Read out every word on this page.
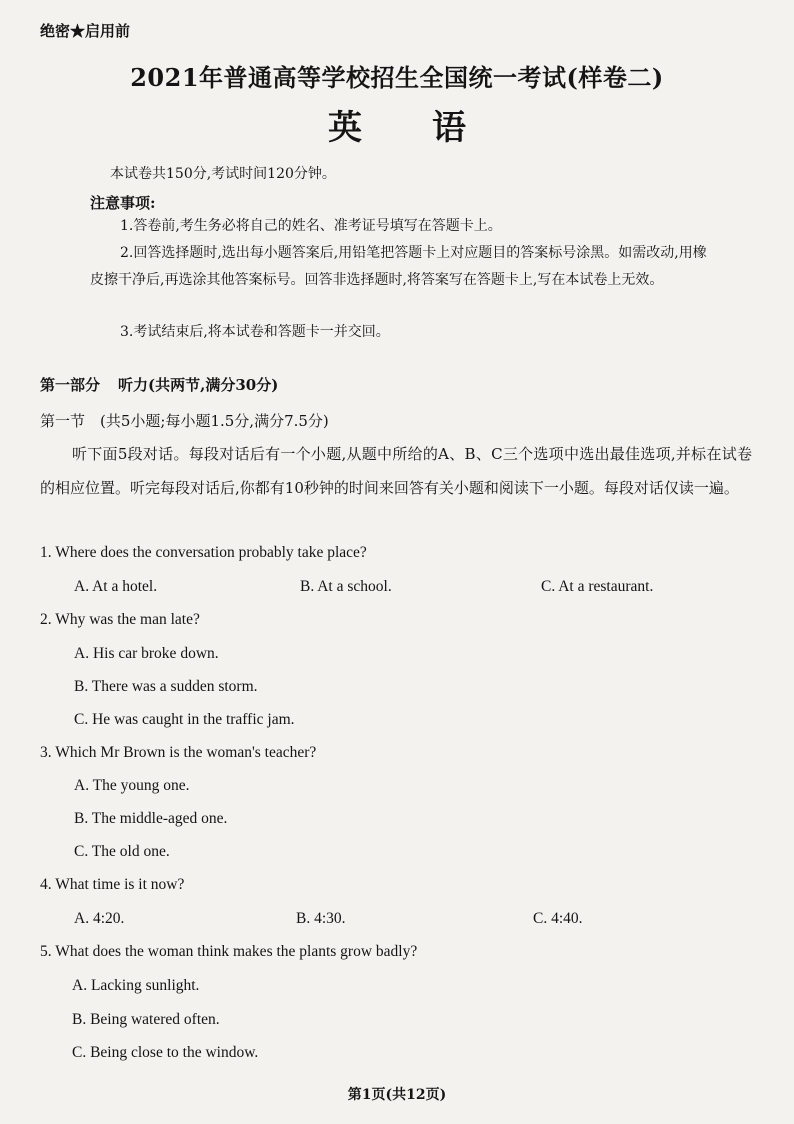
绝密★启用前
2021年普通高等学校招生全国统一考试(样卷二)
英语
本试卷共150分,考试时间120分钟。
注意事项:
1.答卷前,考生务必将自己的姓名、准考证号填写在答题卡上。
2.回答选择题时,选出每小题答案后,用铅笔把答题卡上对应题目的答案标号涂黑。如需改动,用橡皮擦干净后,再选涂其他答案标号。回答非选择题时,将答案写在答题卡上,写在本试卷上无效。
3.考试结束后,将本试卷和答题卡一并交回。
第一部分 听力(共两节,满分30分)
第一节　(共5小题;每小题1.5分,满分7.5分)
听下面5段对话。每段对话后有一个小题,从题中所给的A、B、C三个选项中选出最佳选项,并标在试卷的相应位置。听完每段对话后,你都有10秒钟的时间来回答有关小题和阅读下一小题。每段对话仅读一遍。
1. Where does the conversation probably take place?
A. At a hotel.	B. At a school.	C. At a restaurant.
2. Why was the man late?
A. His car broke down.
B. There was a sudden storm.
C. He was caught in the traffic jam.
3. Which Mr Brown is the woman's teacher?
A. The young one.
B. The middle-aged one.
C. The old one.
4. What time is it now?
A. 4:20.	B. 4:30.	C. 4:40.
5. What does the woman think makes the plants grow badly?
A. Lacking sunlight.
B. Being watered often.
C. Being close to the window.
第1页(共12页)
